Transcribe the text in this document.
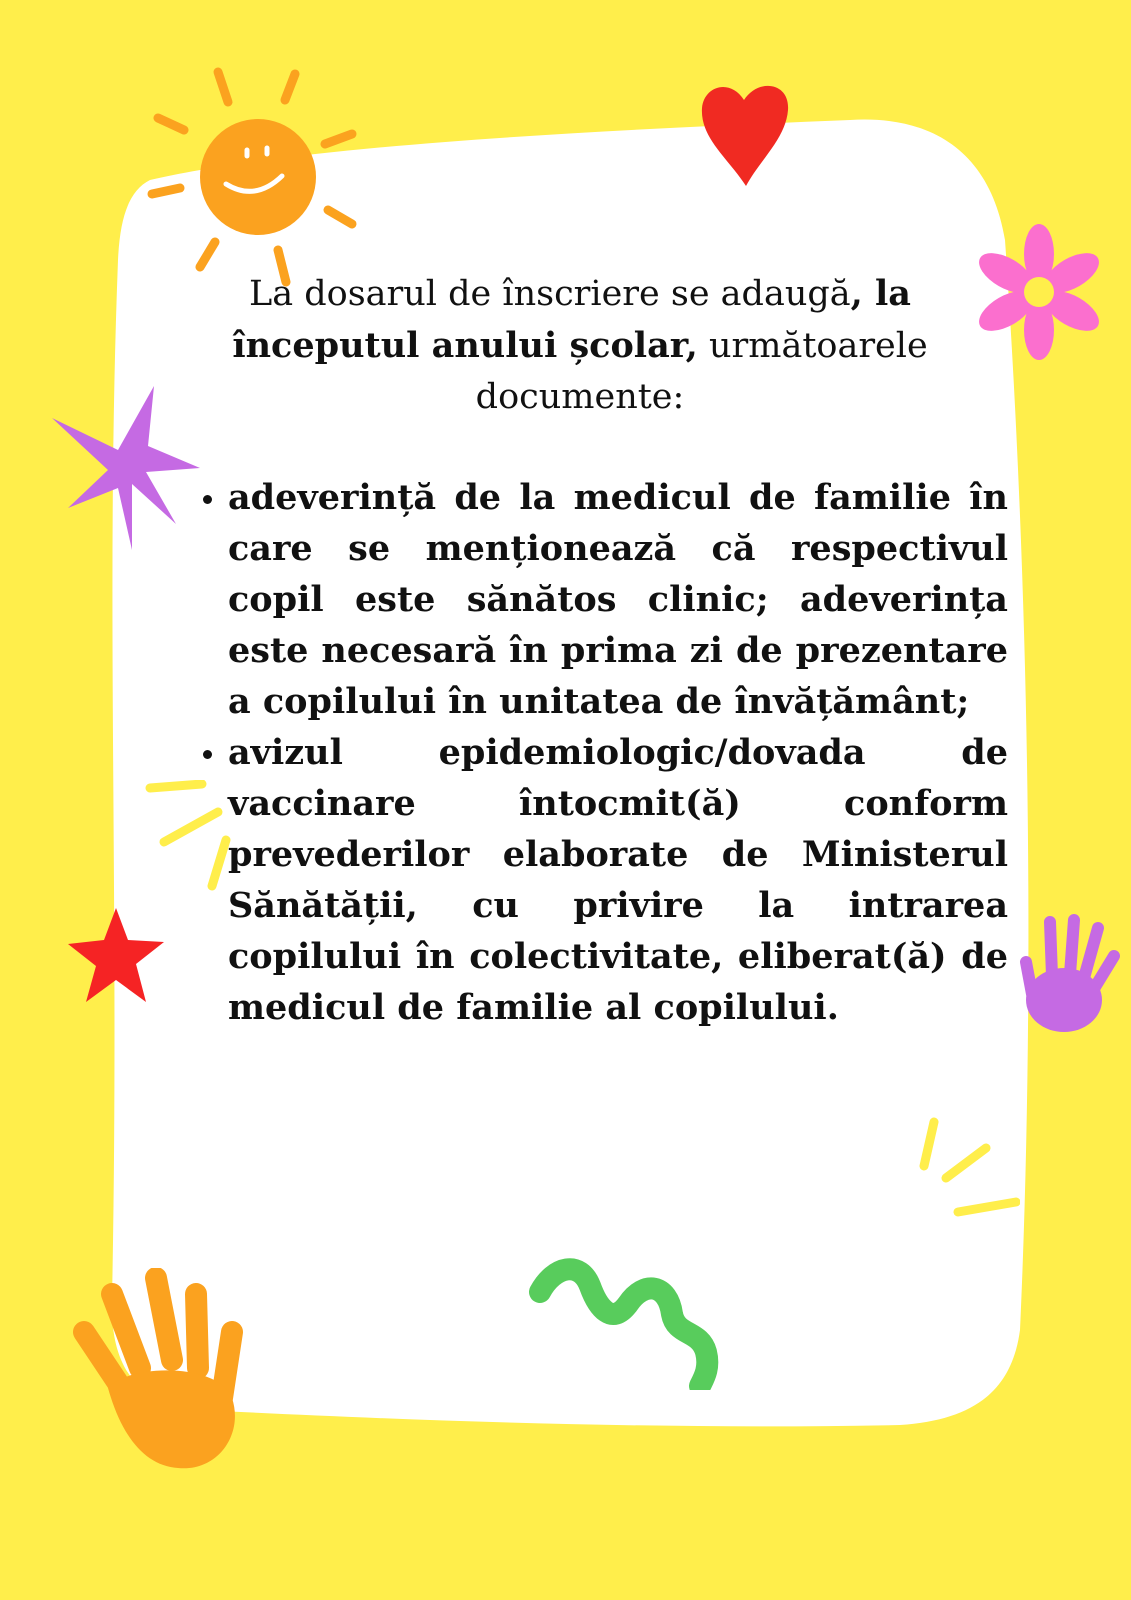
La dosarul de înscriere se adaugă, la începutul anului școlar, următoarele documente:

• adeverință de la medicul de familie în care se menționează că respectivul copil este sănătos clinic; adeverința este necesară în prima zi de prezentare a copilului în unitatea de învățământ;
• avizul epidemiologic/dovada de vaccinare întocmit(ă) conform prevederilor elaborate de Ministerul Sănătății, cu privire la intrarea copilului în colectivitate, eliberat(ă) de medicul de familie al copilului.
